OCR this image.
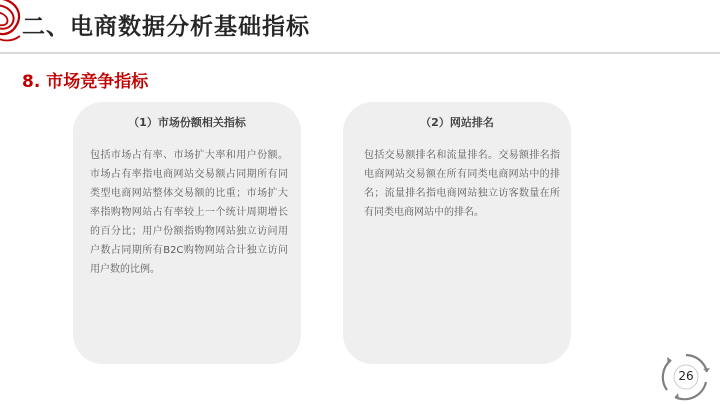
二、电商数据分析基础指标
8. 市场竞争指标
（1）市场份额相关指标
包括市场占有率、市场扩大率和用户份额。市场占有率指电商网站交易额占同期所有同类型电商网站整体交易额的比重；市场扩大率指购物网站占有率较上一个统计周期增长的百分比；用户份额指购物网站独立访问用户数占同期所有B2C购物网站合计独立访问用户数的比例。
（2）网站排名
包括交易额排名和流量排名。交易额排名指电商网站交易额在所有同类电商网站中的排名；流量排名指电商网站独立访客数量在所有同类电商网站中的排名。
26
